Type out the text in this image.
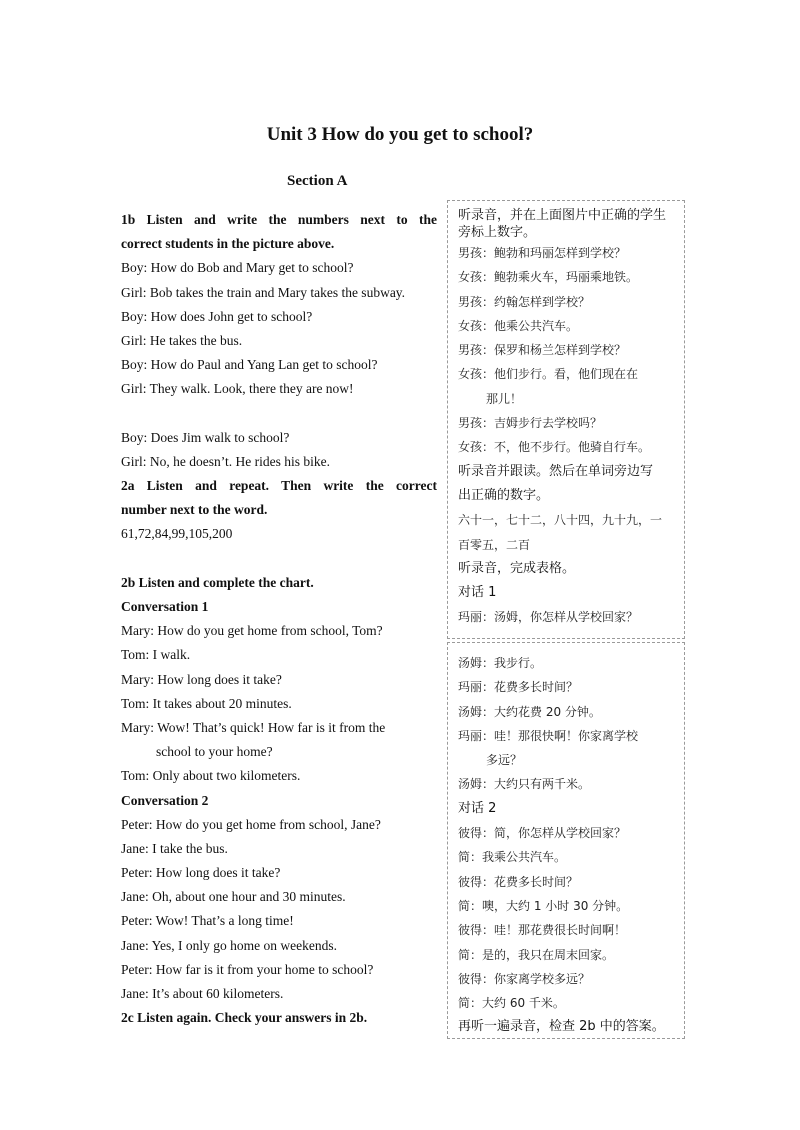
Unit 3 How do you get to school?
Section A
1b Listen and write the numbers next to the
correct students in the picture above.
Boy: How do Bob and Mary get to school?
Girl: Bob takes the train and Mary takes the subway.
Boy: How does John get to school?
Girl: He takes the bus.
Boy: How do Paul and Yang Lan get to school?
Girl: They walk. Look, there they are now!
Boy: Does Jim walk to school?
Girl: No, he doesn’t. He rides his bike.
2a Listen and repeat. Then write the correct
number next to the word.
61,72,84,99,105,200
2b Listen and complete the chart.
Conversation 1
Mary: How do you get home from school, Tom?
Tom: I walk.
Mary: How long does it take?
Tom: It takes about 20 minutes.
Mary: Wow! That’s quick! How far is it from the
school to your home?
Tom: Only about two kilometers.
Conversation 2
Peter: How do you get home from school, Jane?
Jane: I take the bus.
Peter: How long does it take?
Jane: Oh, about one hour and 30 minutes.
Peter: Wow! That’s a long time!
Jane: Yes, I only go home on weekends.
Peter: How far is it from your home to school?
Jane: It’s about 60 kilometers.
2c Listen again. Check your answers in 2b.
听录音，并在上面图片中正确的学生旁标上数字。
男孩：鲍勃和玛丽怎样到学校？
女孩：鲍勃乘火车，玛丽乘地铁。
男孩：约翰怎样到学校？
女孩：他乘公共汽车。
男孩：保罗和杨兰怎样到学校？
女孩：他们步行。看，他们现在在
那儿！
男孩：吉姆步行去学校吗？
女孩：不，他不步行。他骑自行车。
听录音并跟读。然后在单词旁边写
出正确的数字。
六十一，七十二，八十四，九十九，一
百零五，二百
听录音，完成表格。
对话 1
玛丽：汤姆，你怎样从学校回家？
汤姆：我步行。
玛丽：花费多长时间？
汤姆：大约花费 20 分钟。
玛丽：哇！那很快啊！你家离学校
多远？
汤姆：大约只有两千米。
对话 2
彼得：简，你怎样从学校回家？
简：我乘公共汽车。
彼得：花费多长时间？
简：噢，大约 1 小时 30 分钟。
彼得：哇！那花费很长时间啊！
简：是的，我只在周末回家。
彼得：你家离学校多远？
简：大约 60 千米。
再听一遍录音，检查 2b 中的答案。
